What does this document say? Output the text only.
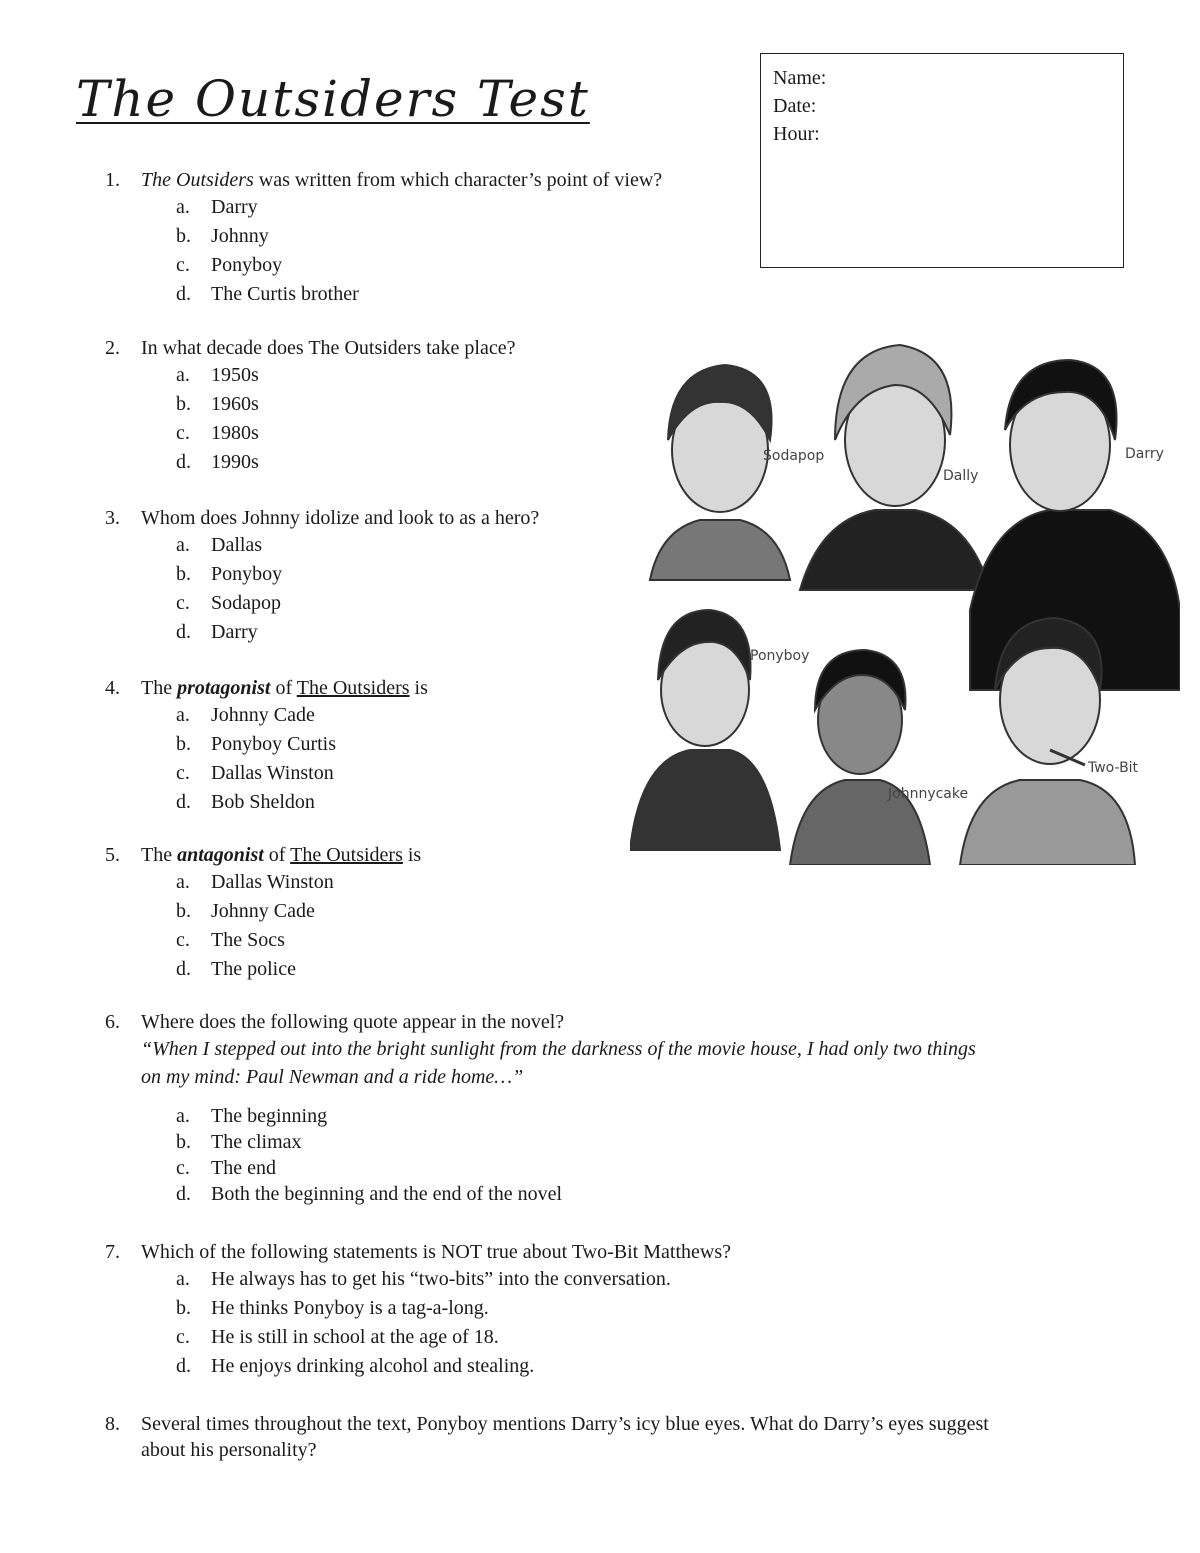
The Outsiders Test	Name:
Date:
Hour:
1.	The Outsiders was written from which character’s point of view?
a.	Darry
b.	Johnny
c.	Ponyboy
d.	The Curtis brother
2.	In what decade does The Outsiders take place?
a.	1950s
b.	1960s
c.	1980s
d.	1990s
3.	Whom does Johnny idolize and look to as a hero?
a.	Dallas
b.	Ponyboy
c.	Sodapop
d.	Darry
4.	The protagonist of The Outsiders is
a.	Johnny Cade
b.	Ponyboy Curtis
c.	Dallas Winston
d.	Bob Sheldon
5.	The antagonist of The Outsiders is
a.	Dallas Winston
b.	Johnny Cade
c.	The Socs
d.	The police
6.	Where does the following quote appear in the novel?
“When I stepped out into the bright sunlight from the darkness of the movie house, I had only two things
on my mind: Paul Newman and a ride home…”
a.	The beginning
b.	The climax
c.	The end
d.	Both the beginning and the end of the novel
7.	Which of the following statements is NOT true about Two-Bit Matthews?
a.	He always has to get his “two-bits” into the conversation.
b.	He thinks Ponyboy is a tag-a-long.
c.	He is still in school at the age of 18.
d.	He enjoys drinking alcohol and stealing.
8.	Several times throughout the text, Ponyboy mentions Darry’s icy blue eyes. What do Darry’s eyes suggest
about his personality?
Sodapop
Dally
Darry
Ponyboy
Johnnycake
Two-Bit
